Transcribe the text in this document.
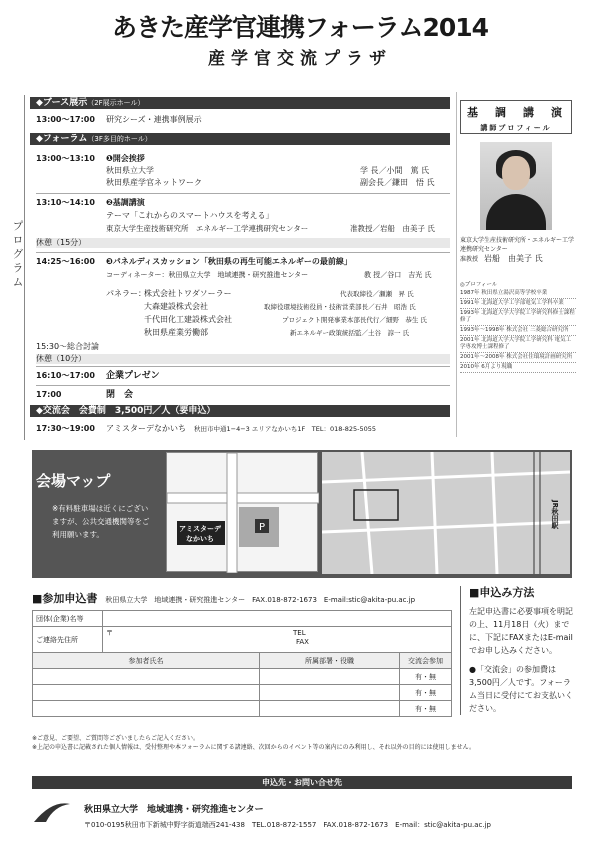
あきた産学官連携フォーラム2014
産学官交流プラザ
プログラム
◆ブース展示（2F展示ホール）
13:00～17:00 研究シーズ・連携事例展示
◆フォーラム（3F多目的ホール）
13:00～13:10 ❶開会挨拶
秋田県立大学	学 長／小間　篤 氏
秋田県産学官ネットワーク	副会長／鎌田　悟 氏
13:10～14:10 ❷基調講演
テーマ「これからのスマートハウスを考える」
東京大学生産技術研究所　エネルギー工学連携研究センター	准教授／岩船　由美子 氏
休憩（15分）
14:25～16:00 ❸パネルディスカッション「秋田県の再生可能エネルギーの最前線」
コーディネーター：秋田県立大学　地域連携・研究推進センター	教 授／谷口　吉光 氏
パネラー：
株式会社トワダソーラー	代表取締役／瀬瀬　昇 氏
大森建設株式会社	取締役環境技術役員・技術営業部長／石井　昭浩 氏
千代田化工建設株式会社	プロジェクト開発事業本部長代行／細野　恭生 氏
秋田県産業労働部	新エネルギー政策統括監／土谷　諄一 氏
15:30～総合討論
休憩（10分）
16:10～17:00 企業プレゼン
17:00	閉　会
◆交流会　会費制　3,500円／人（要申込）
17:30～19:00 アミスターデなかいち 秋田市中通1−4−3 エリアなかいち1F　TEL：018-825-5055
基　調　講　演
講師プロフィール
東京大学生産技術研究所・エネルギー工学連携研究センター
准教授　 岩船　由美子 氏
◎プロフィール
1987年 秋田県立湯沢高等学校卒業
1991年 北海道大学工学部電気工学科卒業
1993年 北海道大学大学院工学研究科修士課程修了
1993年～1998年 株式会社 三菱総合研究所
2001年 北海道大学大学院工学研究科 電気工学専攻博士課程修了
2001年～2008年 株式会社住環境計画研究所
2010年 6月より現職
会場マップ
※有料駐車場は近くにございますが、公共交通機関等をご利用願います。
P
アミスターデ なかいち
JR秋田駅
■参加申込書　 秋田県立大学　地域連携・研究推進センター　FAX.018-872-1673　E-mail:stic@akita-pu.ac.jp
団体(企業)名等			
ご連絡先住所	〒 TEL
FAX		
参加者氏名		所属部署・役職	交流会参加
			有・無
			有・無
			有・無
■申込み方法
左記申込書に必要事項を明記の上、11月18日（火）までに、下記にFAXまたはE-mailでお申し込みください。
●「交流会」の参加費は3,500円／人です。フォーラム当日に受付にてお支払いください。
※ご意見、ご要望、ご質問等ございましたらご記入ください。
※上記の申込書に記載された個人情報は、受付整理や本フォーラムに関する諸連絡、次回からのイベント等の案内にのみ利用し、それ以外の目的には使用しません。
申込先・お問い合せ先
秋田県立大学　地域連携・研究推進センター
〒010-0195秋田市下新城中野字街道端西241-438　TEL.018-872-1557　FAX.018-872-1673　E-mail：stic@akita-pu.ac.jp
